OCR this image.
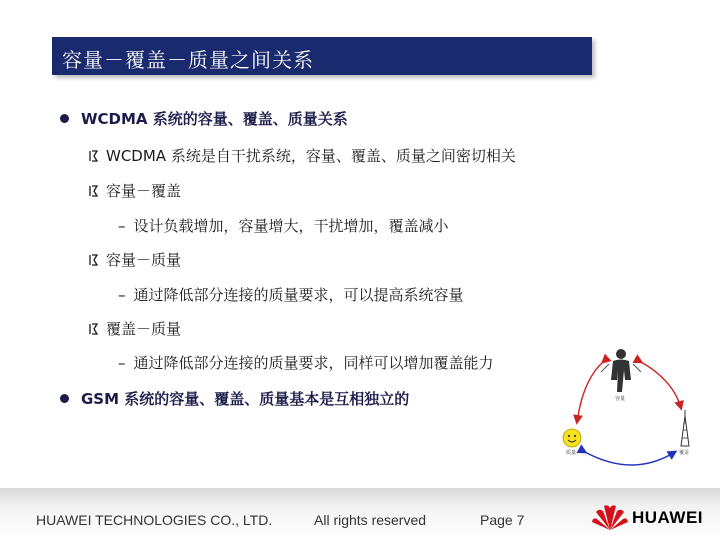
容量－覆盖－质量之间关系
WCDMA 系统的容量、覆盖、质量关系
WCDMA 系统是自干扰系统，容量、覆盖、质量之间密切相关
容量－覆盖
– 设计负载增加，容量增大，干扰增加，覆盖减小
容量－质量
– 通过降低部分连接的质量要求，可以提高系统容量
覆盖－质量
– 通过降低部分连接的质量要求，同样可以增加覆盖能力
GSM 系统的容量、覆盖、质量基本是互相独立的	容量
质量	覆盖
HUAWEI TECHNOLOGIES CO., LTD.	All rights reserved	Page 7	HUAWEI
